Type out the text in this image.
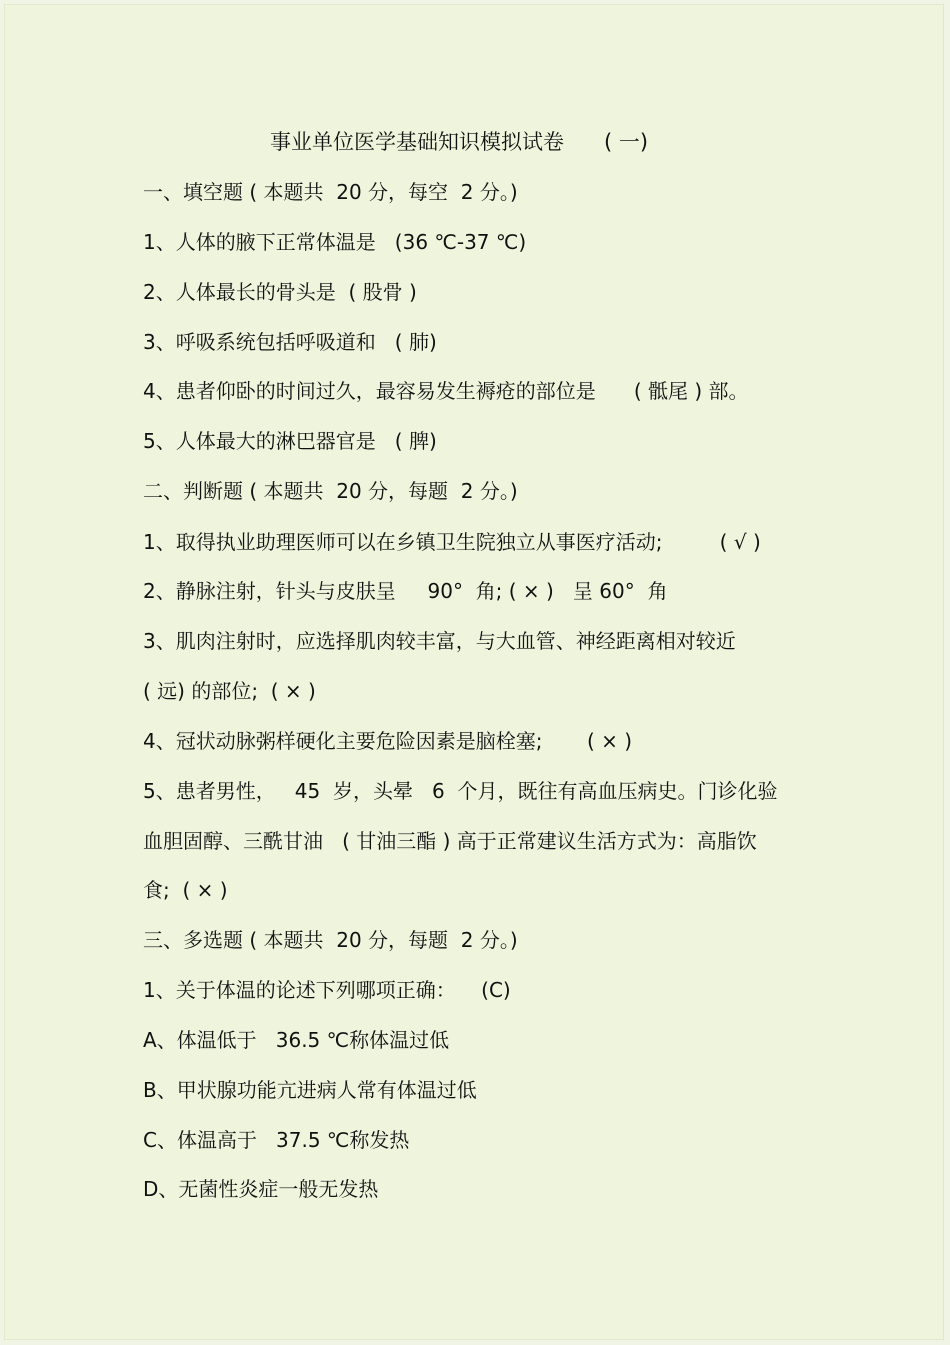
事业单位医学基础知识模拟试卷      ( 一)
一、填空题 ( 本题共  20 分，每空  2 分。)
1、人体的腋下正常体温是   (36 ℃-37 ℃)
2、人体最长的骨头是  ( 股骨 )
3、呼吸系统包括呼吸道和   ( 肺)
4、患者仰卧的时间过久，最容易发生褥疮的部位是      ( 骶尾 ) 部。
5、人体最大的淋巴器官是   ( 脾)
二、判断题 ( 本题共  20 分，每题  2 分。)
1、取得执业助理医师可以在乡镇卫生院独立从事医疗活动;         ( √ )
2、静脉注射，针头与皮肤呈     90°  角; ( × )   呈 60°  角
3、肌肉注射时，应选择肌肉较丰富，与大血管、神经距离相对较近
( 远) 的部位;  ( × )
4、冠状动脉粥样硬化主要危险因素是脑栓塞;       ( × )
5、患者男性，   45  岁，头晕   6  个月，既往有高血压病史。门诊化验
血胆固醇、三酰甘油   ( 甘油三酯 ) 高于正常建议生活方式为：高脂饮
食;  ( × )
三、多选题 ( 本题共  20 分，每题  2 分。)
1、关于体温的论述下列哪项正确：    (C)
A、体温低于   36.5 ℃称体温过低
B、甲状腺功能亢进病人常有体温过低
C、体温高于   37.5 ℃称发热
D、无菌性炎症一般无发热
